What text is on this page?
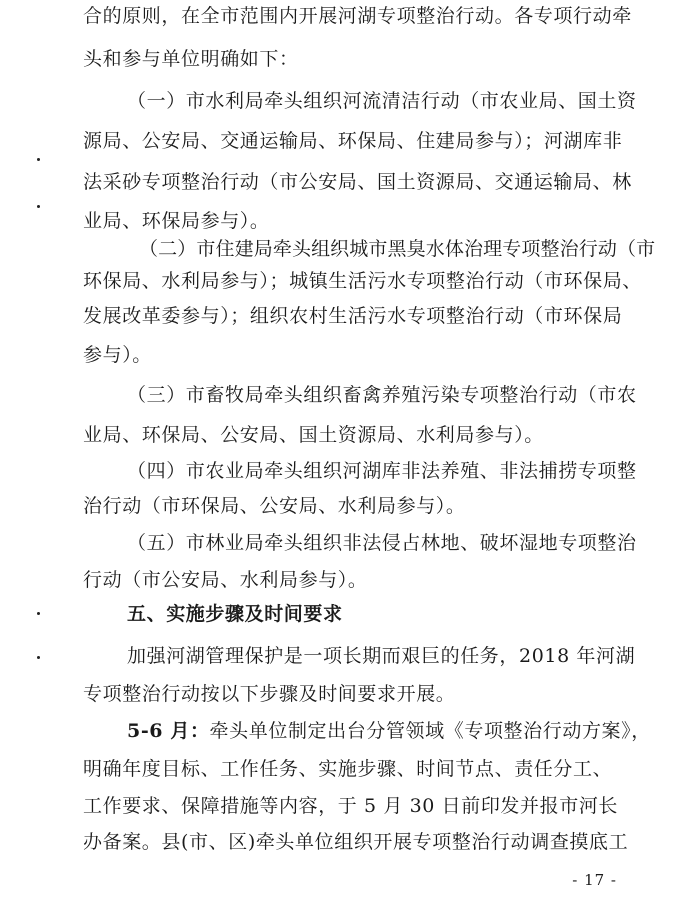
合的原则，在全市范围内开展河湖专项整治行动。各专项行动牵
头和参与单位明确如下：
（一）市水利局牵头组织河流清洁行动（市农业局、国土资
源局、公安局、交通运输局、环保局、住建局参与）；河湖库非
法采砂专项整治行动（市公安局、国土资源局、交通运输局、林
业局、环保局参与）。
（二）市住建局牵头组织城市黑臭水体治理专项整治行动（市
环保局、水利局参与）；城镇生活污水专项整治行动（市环保局、
发展改革委参与）；组织农村生活污水专项整治行动（市环保局
参与）。
（三）市畜牧局牵头组织畜禽养殖污染专项整治行动（市农
业局、环保局、公安局、国土资源局、水利局参与）。
（四）市农业局牵头组织河湖库非法养殖、非法捕捞专项整
治行动（市环保局、公安局、水利局参与）。
（五）市林业局牵头组织非法侵占林地、破坏湿地专项整治
行动（市公安局、水利局参与）。
五、实施步骤及时间要求
加强河湖管理保护是一项长期而艰巨的任务，2018 年河湖
专项整治行动按以下步骤及时间要求开展。
5-6 月：牵头单位制定出台分管领域《专项整治行动方案》，
明确年度目标、工作任务、实施步骤、时间节点、责任分工、
工作要求、保障措施等内容，于 5 月 30 日前印发并报市河长
办备案。县(市、区)牵头单位组织开展专项整治行动调查摸底工
- 17 -
